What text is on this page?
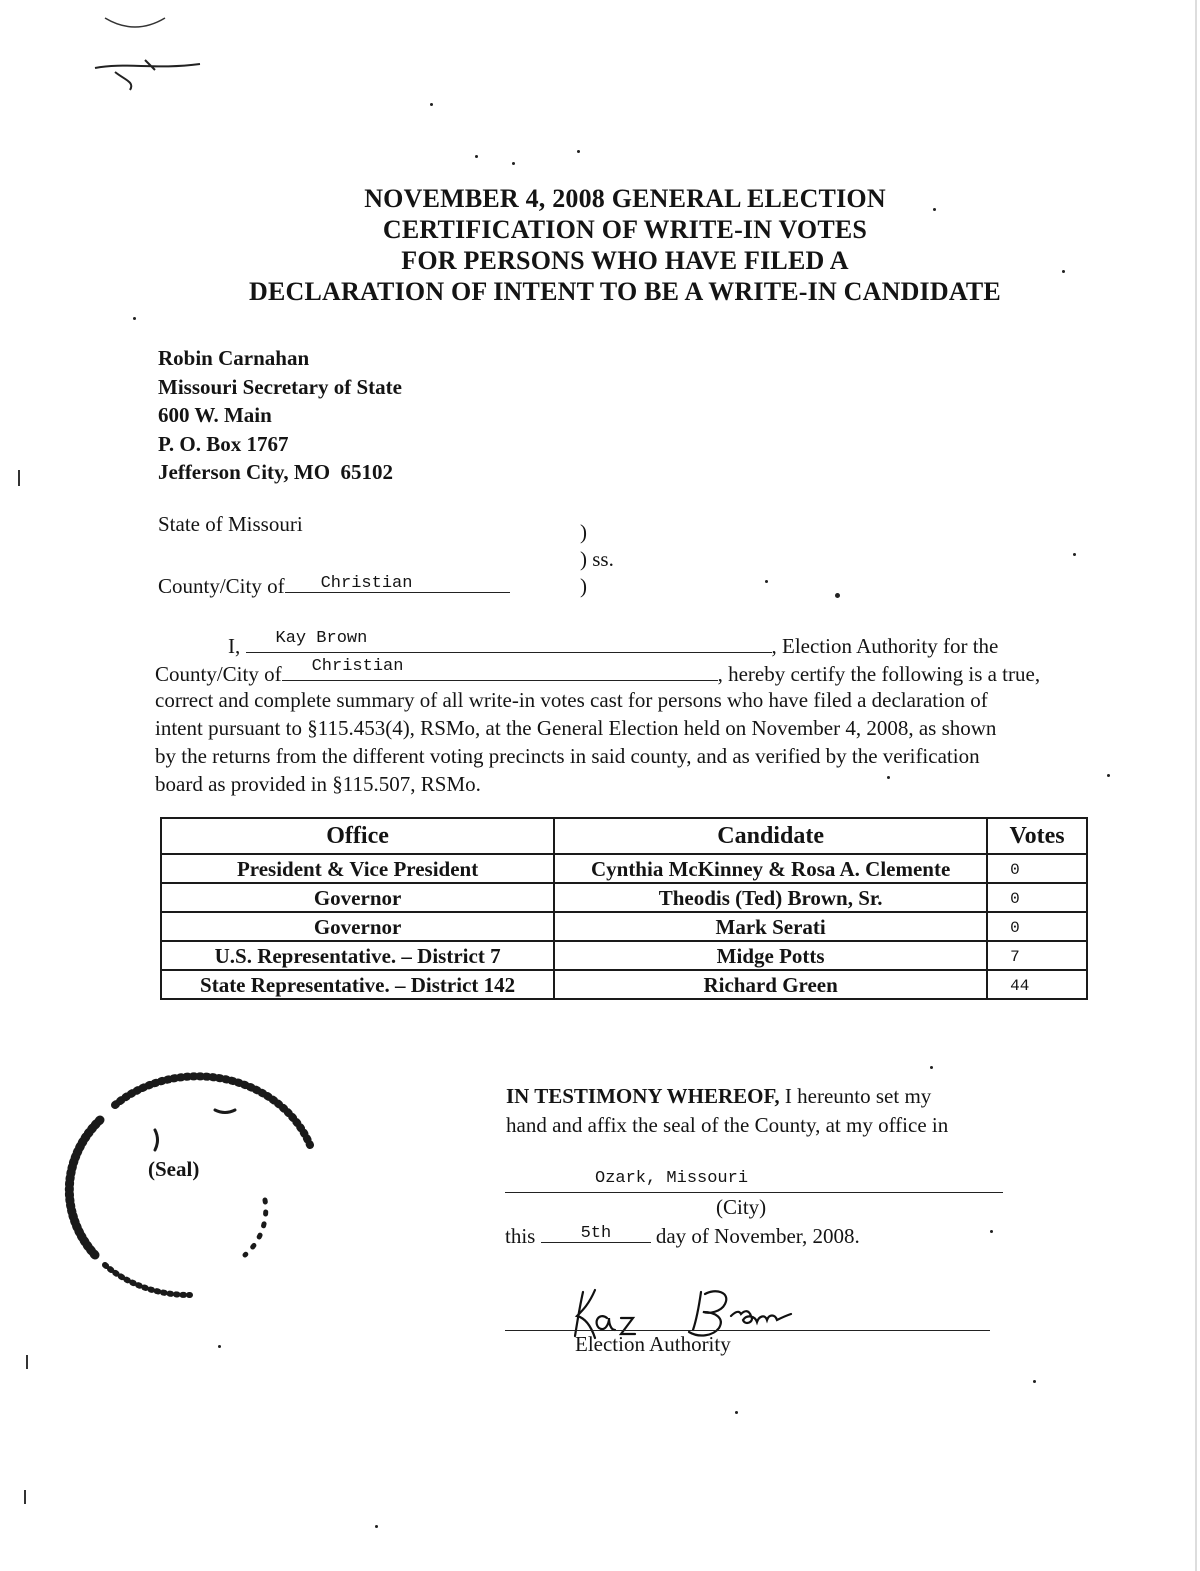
NOVEMBER 4, 2008 GENERAL ELECTION
CERTIFICATION OF WRITE-IN VOTES
FOR PERSONS WHO HAVE FILED A
DECLARATION OF INTENT TO BE A WRITE-IN CANDIDATE
Robin Carnahan
Missouri Secretary of State
600 W. Main
P. O. Box 1767
Jefferson City, MO  65102
State of Missouri	)
) ss.
)
County/City of Christian
I, Kay Brown	, Election Authority for the
County/City of Christian	, hereby certify the following is a true,
correct and complete summary of all write-in votes cast for persons who have filed a declaration of
intent pursuant to §115.453(4), RSMo, at the General Election held on November 4, 2008, as shown
by the returns from the different voting precincts in said county, and as verified by the verification
board as provided in §115.507, RSMo.
Office	Candidate	Votes
President & Vice President	Cynthia McKinney & Rosa A. Clemente	0
Governor	Theodis (Ted) Brown, Sr.	0
Governor	Mark Serati	0
U.S. Representative. – District 7	Midge Potts	7
State Representative. – District 142	Richard Green	44
(Seal)
IN TESTIMONY WHEREOF, I hereunto set my
hand and affix the seal of the County, at my office in
Ozark, Missouri
(City)
this	5th day of November, 2008.
Election Authority
